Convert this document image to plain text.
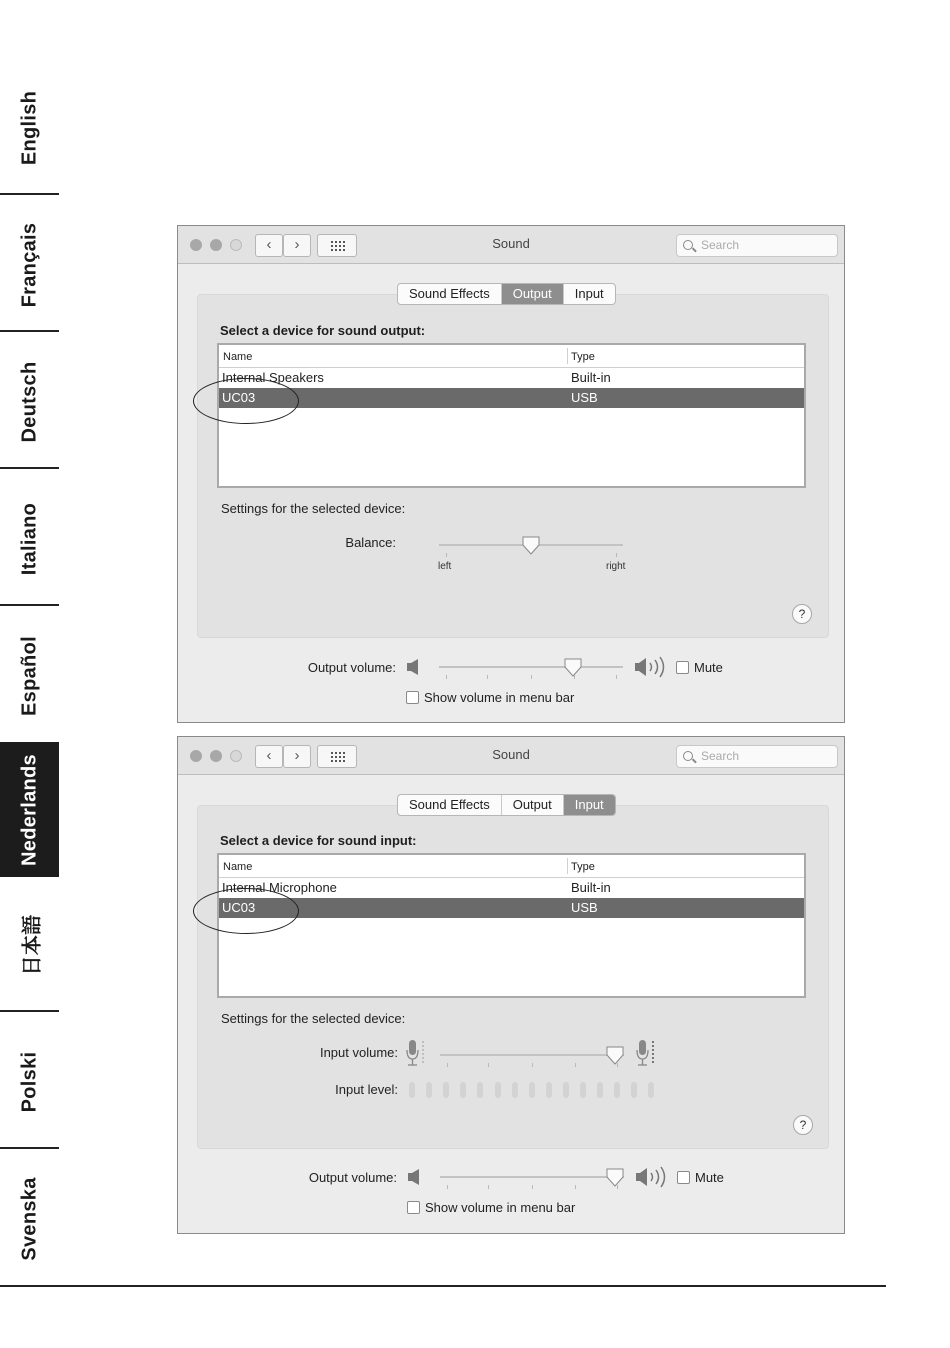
English
Français
Deutsch
Italiano
Español
Nederlands
日本語
Polski
Svenska
‹	›	Sound	Search
Sound Effects	Output	Input
Select a device for sound output:
Name	Type
Internal Speakers	Built-in
UC03	USB
Settings for the selected device:
Balance:
left	right
?
Output volume:	Mute
Show volume in menu bar
‹	›	Sound	Search
Sound Effects	Output	Input
Select a device for sound input:
Name	Type
Internal Microphone	Built-in
UC03	USB
Settings for the selected device:
Input volume:
Input level:
?
Output volume:	Mute
Show volume in menu bar
